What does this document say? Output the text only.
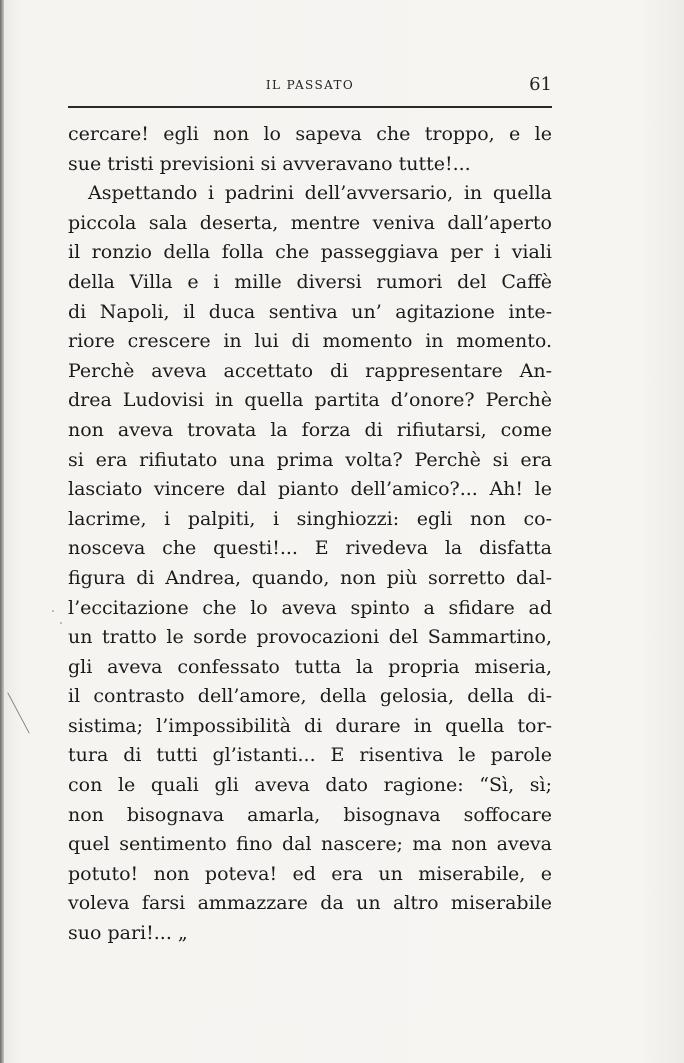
IL PASSATO	61
cercare! egli non lo sapeva che troppo, e le
sue tristi previsioni si avveravano tutte!...
Aspettando i padrini dell’avversario, in quella
piccola sala deserta, mentre veniva dall’aperto
il ronzio della folla che passeggiava per i viali
della Villa e i mille diversi rumori del Caffè
di Napoli, il duca sentiva un’ agitazione inte-
riore crescere in lui di momento in momento.
Perchè aveva accettato di rappresentare An-
drea Ludovisi in quella partita d’onore? Perchè
non aveva trovata la forza di rifiutarsi, come
si era rifiutato una prima volta? Perchè si era
lasciato vincere dal pianto dell’amico?... Ah! le
lacrime, i palpiti, i singhiozzi: egli non co-
nosceva che questi!... E rivedeva la disfatta
figura di Andrea, quando, non più sorretto dal-
l’eccitazione che lo aveva spinto a sfidare ad
un tratto le sorde provocazioni del Sammartino,
gli aveva confessato tutta la propria miseria,
il contrasto dell’amore, della gelosia, della di-
sistima; l’impossibilità di durare in quella tor-
tura di tutti gl’istanti... E risentiva le parole
con le quali gli aveva dato ragione: “Sì, sì;
non bisognava amarla, bisognava soffocare
quel sentimento fino dal nascere; ma non aveva
potuto! non poteva! ed era un miserabile, e
voleva farsi ammazzare da un altro miserabile
suo pari!... „
